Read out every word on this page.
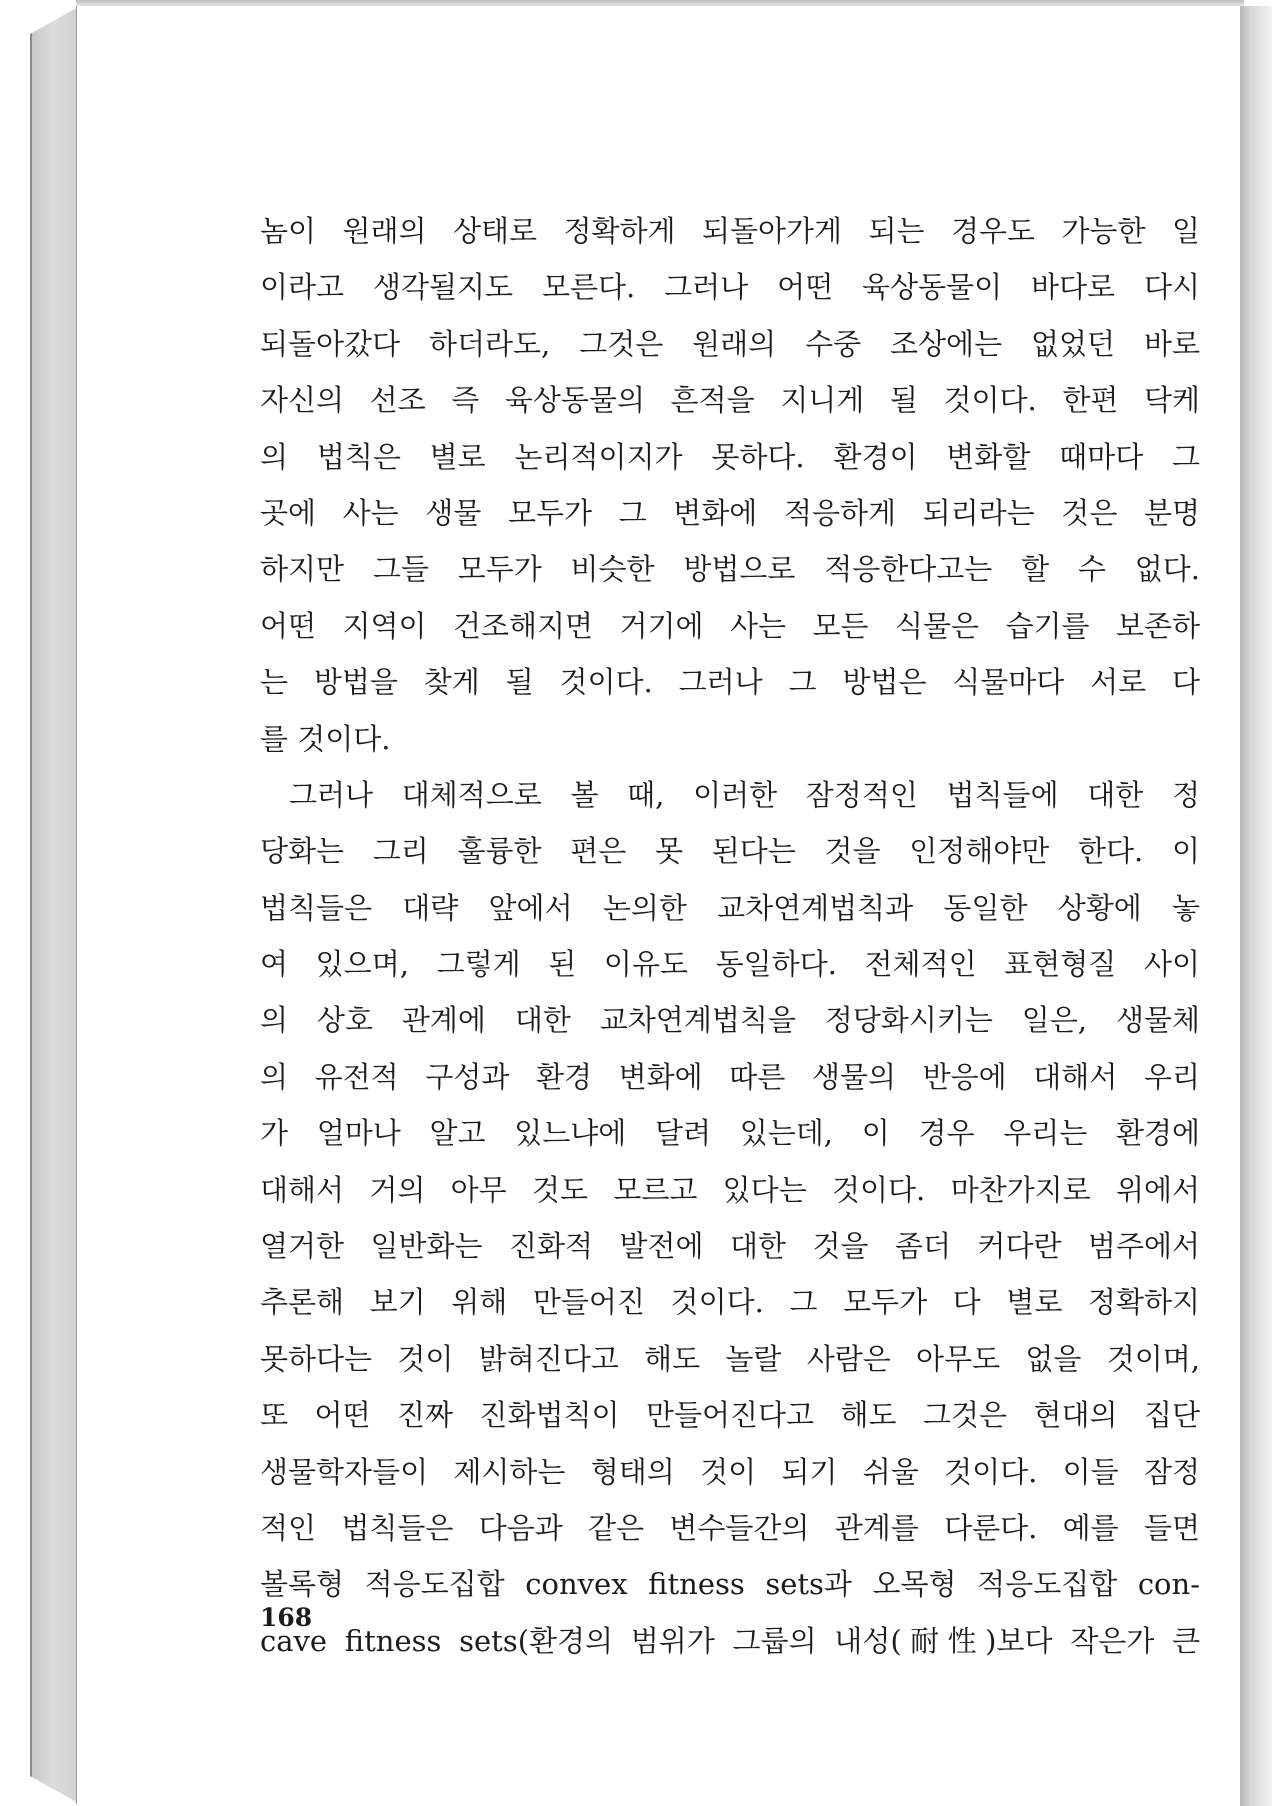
놈이 원래의 상태로 정확하게 되돌아가게 되는 경우도 가능한 일
이라고 생각될지도 모른다. 그러나 어떤 육상동물이 바다로 다시
되돌아갔다 하더라도, 그것은 원래의 수중 조상에는 없었던 바로
자신의 선조 즉 육상동물의 흔적을 지니게 될 것이다. 한편 닥케
의 법칙은 별로 논리적이지가 못하다. 환경이 변화할 때마다 그
곳에 사는 생물 모두가 그 변화에 적응하게 되리라는 것은 분명
하지만 그들 모두가 비슷한 방법으로 적응한다고는 할 수 없다.
어떤 지역이 건조해지면 거기에 사는 모든 식물은 습기를 보존하
는 방법을 찾게 될 것이다. 그러나 그 방법은 식물마다 서로 다
를 것이다.
그러나 대체적으로 볼 때, 이러한 잠정적인 법칙들에 대한 정
당화는 그리 훌륭한 편은 못 된다는 것을 인정해야만 한다. 이
법칙들은 대략 앞에서 논의한 교차연계법칙과 동일한 상황에 놓
여 있으며, 그렇게 된 이유도 동일하다. 전체적인 표현형질 사이
의 상호 관계에 대한 교차연계법칙을 정당화시키는 일은, 생물체
의 유전적 구성과 환경 변화에 따른 생물의 반응에 대해서 우리
가 얼마나 알고 있느냐에 달려 있는데, 이 경우 우리는 환경에
대해서 거의 아무 것도 모르고 있다는 것이다. 마찬가지로 위에서
열거한 일반화는 진화적 발전에 대한 것을 좀더 커다란 범주에서
추론해 보기 위해 만들어진 것이다. 그 모두가 다 별로 정확하지
못하다는 것이 밝혀진다고 해도 놀랄 사람은 아무도 없을 것이며,
또 어떤 진짜 진화법칙이 만들어진다고 해도 그것은 현대의 집단
생물학자들이 제시하는 형태의 것이 되기 쉬울 것이다. 이들 잠정
적인 법칙들은 다음과 같은 변수들간의 관계를 다룬다. 예를 들면
볼록형 적응도집합 convex fitness sets과 오목형 적응도집합 con-
cave fitness sets(환경의 범위가 그룹의 내성(耐性)보다 작은가 큰
168
